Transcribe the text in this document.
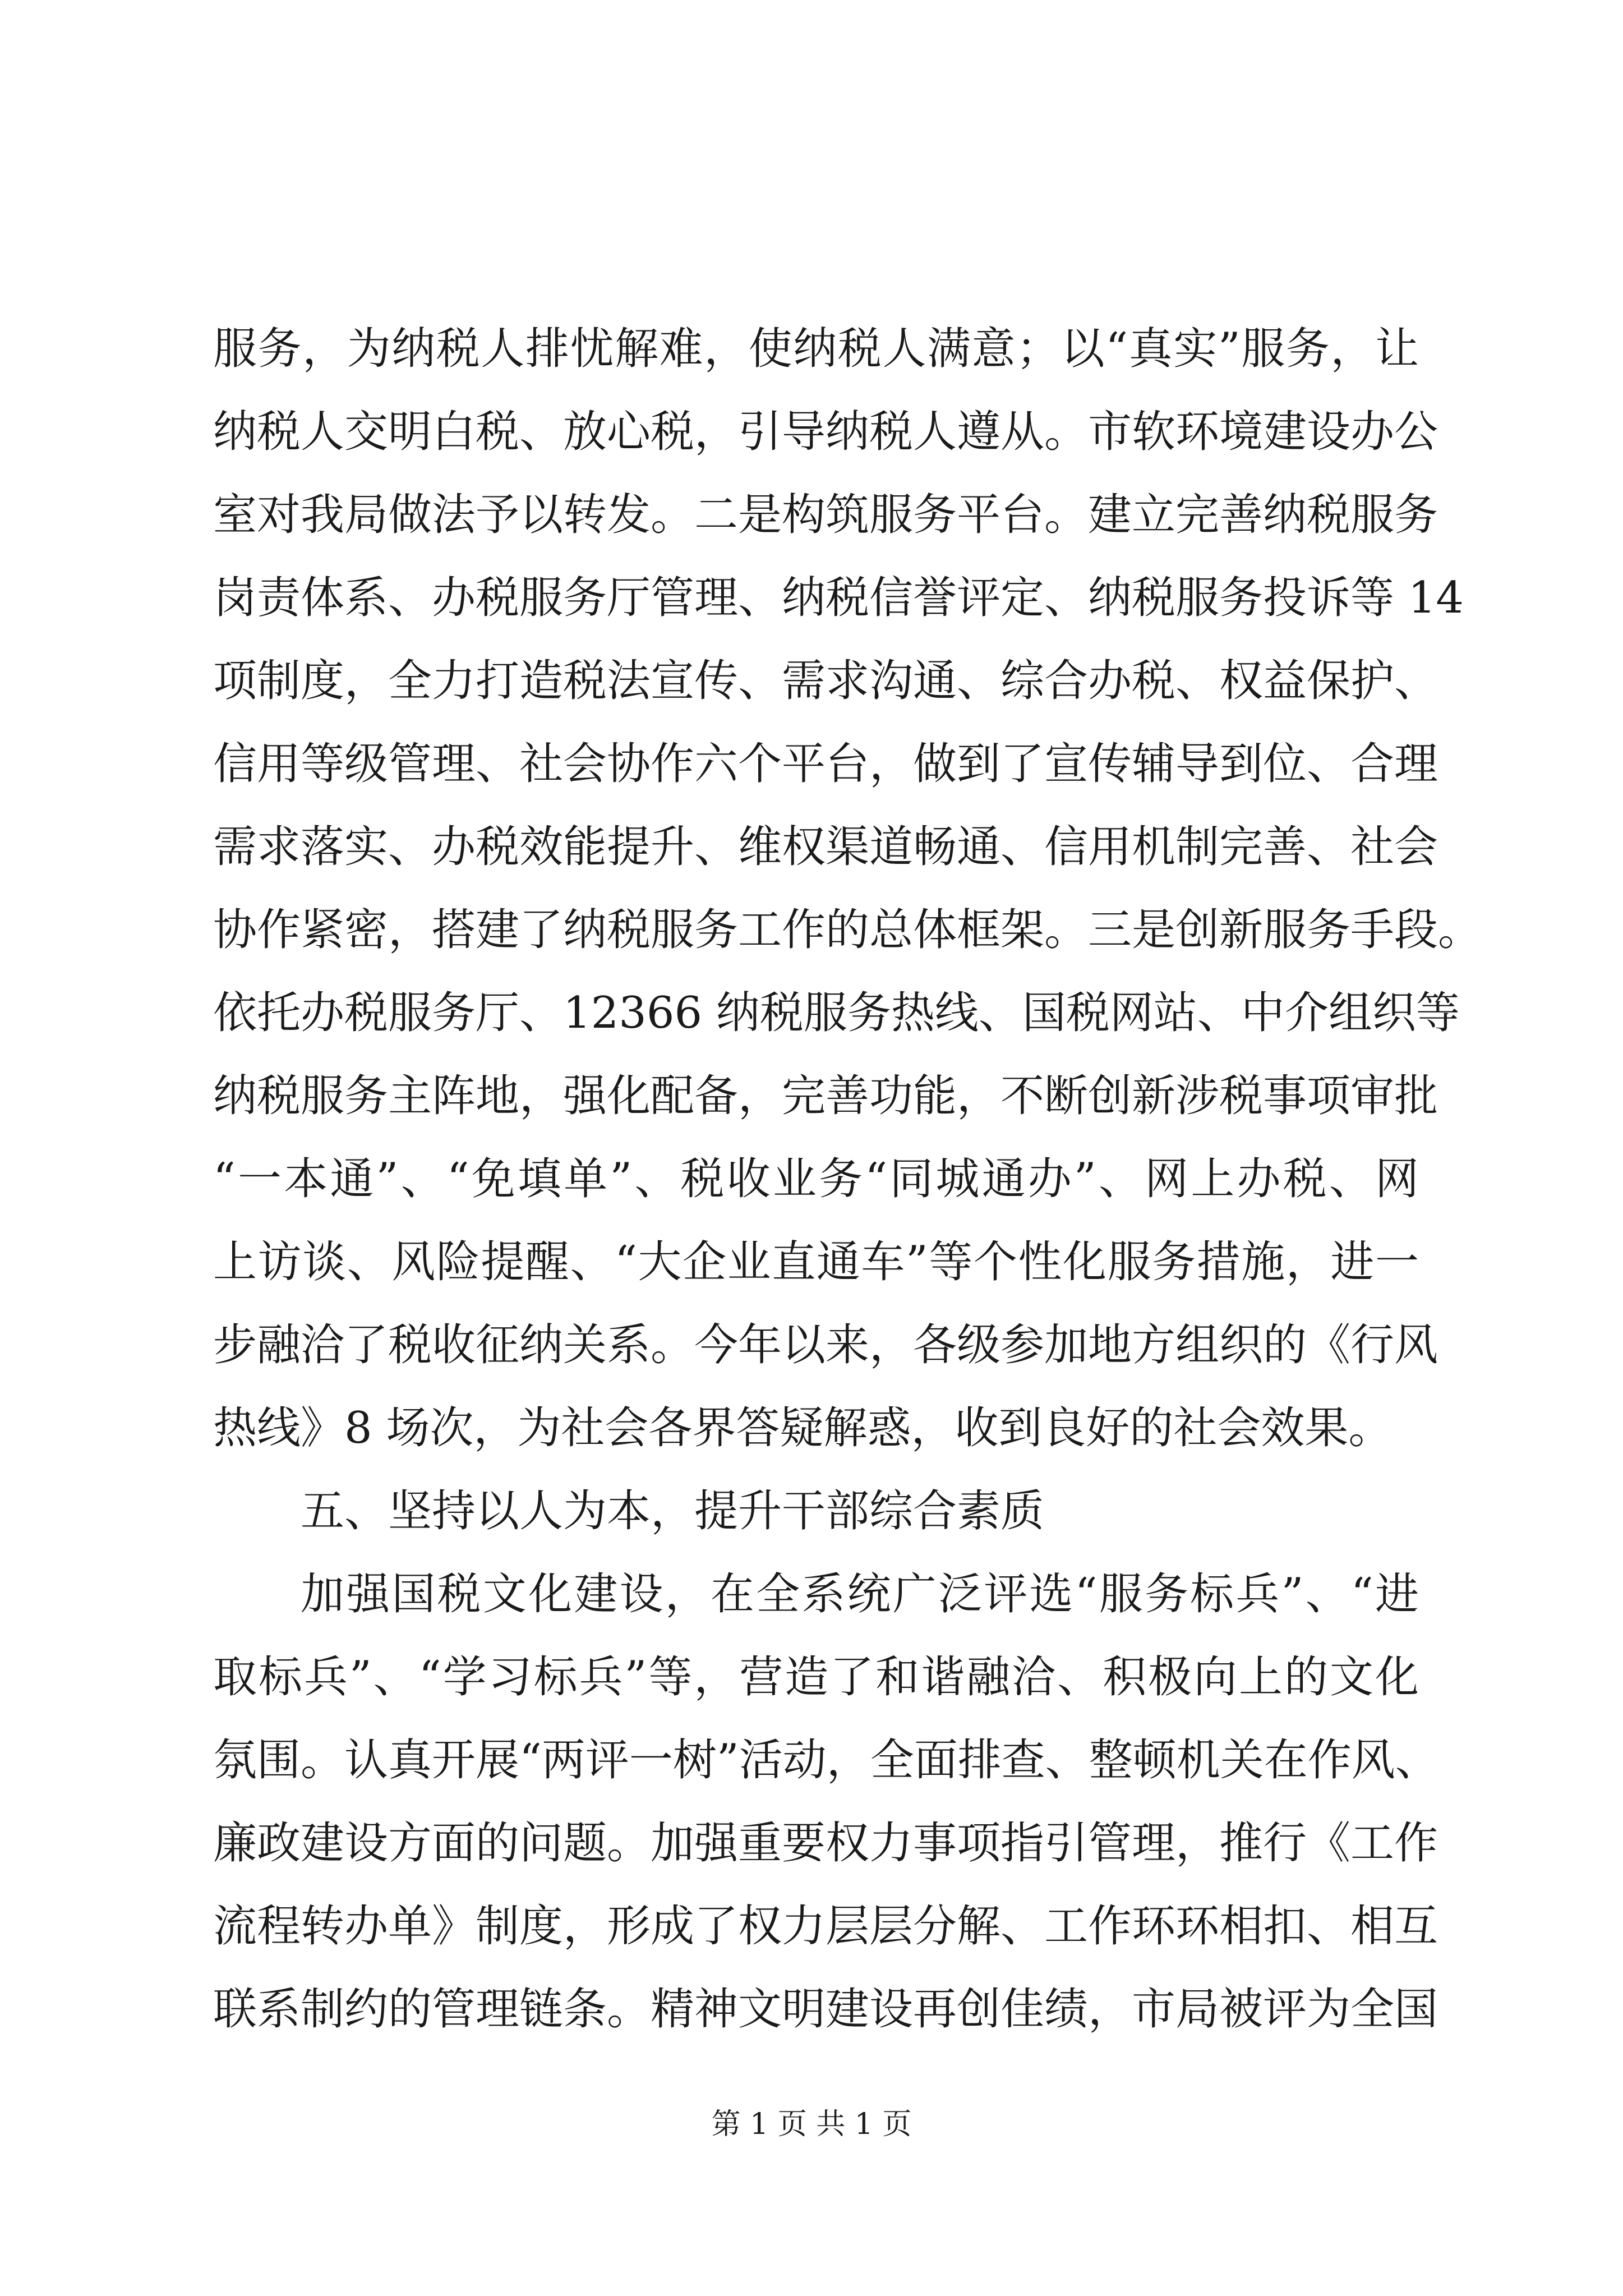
服务，为纳税人排忧解难，使纳税人满意；以“真实”服务，让
纳税人交明白税、放心税，引导纳税人遵从。市软环境建设办公
室对我局做法予以转发。二是构筑服务平台。建立完善纳税服务
岗责体系、办税服务厅管理、纳税信誉评定、纳税服务投诉等 14
项制度，全力打造税法宣传、需求沟通、综合办税、权益保护、
信用等级管理、社会协作六个平台，做到了宣传辅导到位、合理
需求落实、办税效能提升、维权渠道畅通、信用机制完善、社会
协作紧密，搭建了纳税服务工作的总体框架。三是创新服务手段。
依托办税服务厅、12366 纳税服务热线、国税网站、中介组织等
纳税服务主阵地，强化配备，完善功能，不断创新涉税事项审批
“一本通”、“免填单”、税收业务“同城通办”、网上办税、网
上访谈、风险提醒、“大企业直通车”等个性化服务措施，进一
步融洽了税收征纳关系。今年以来，各级参加地方组织的《行风
热线》8 场次，为社会各界答疑解惑，收到良好的社会效果。
五、坚持以人为本，提升干部综合素质
加强国税文化建设，在全系统广泛评选“服务标兵”、“进
取标兵”、“学习标兵”等，营造了和谐融洽、积极向上的文化
氛围。认真开展“两评一树”活动，全面排查、整顿机关在作风、
廉政建设方面的问题。加强重要权力事项指引管理，推行《工作
流程转办单》制度，形成了权力层层分解、工作环环相扣、相互
联系制约的管理链条。精神文明建设再创佳绩，市局被评为全国
第 1 页 共 1 页
